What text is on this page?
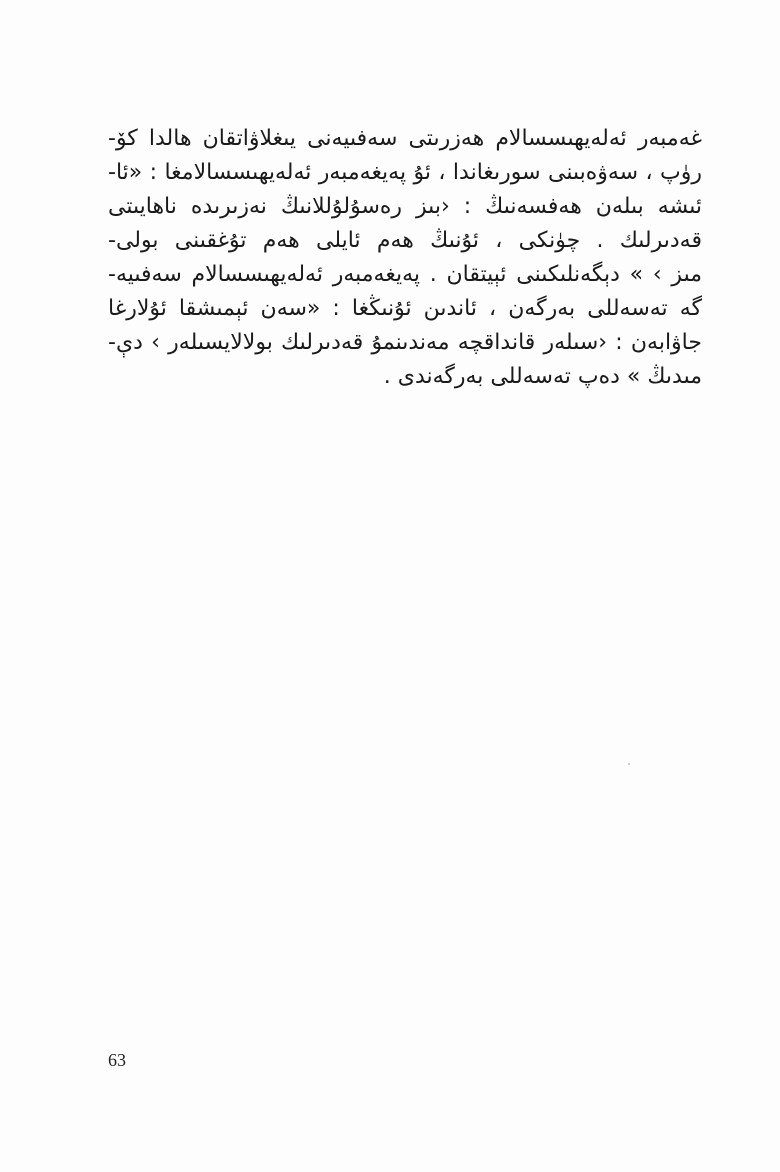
غەمبەر ئەلەيھىسسالام ھەزرىتى سەفىيەنى يىغلاۋاتقان ھالدا كۆ-
رۈپ ، سەۋەبىنى سورىغاندا ، ئۇ پەيغەمبەر ئەلەيھىسسالامغا : «ئا-
ئىشە بىلەن ھەفسەنىڭ : ‹بىز رەسۇلۇللانىڭ نەزىرىدە ناھايىتى
قەدىرلىك . چۈنكى ، ئۇنىڭ ھەم ئايلى ھەم تۇغقىنى بولى-
مىز › » دېگەنلىكىنى ئېيتقان . پەيغەمبەر ئەلەيھىسسالام سەفىيە-
گە تەسەللى بەرگەن ، ئاندىن ئۇنىڭغا : «سەن ئېمىشقا ئۇلارغا
جاۋابەن : ‹سىلەر قانداقچە مەندىنمۇ قەدىرلىك بولالايسىلەر › دې-
مىدىڭ » دەپ تەسەللى بەرگەندى .
63
